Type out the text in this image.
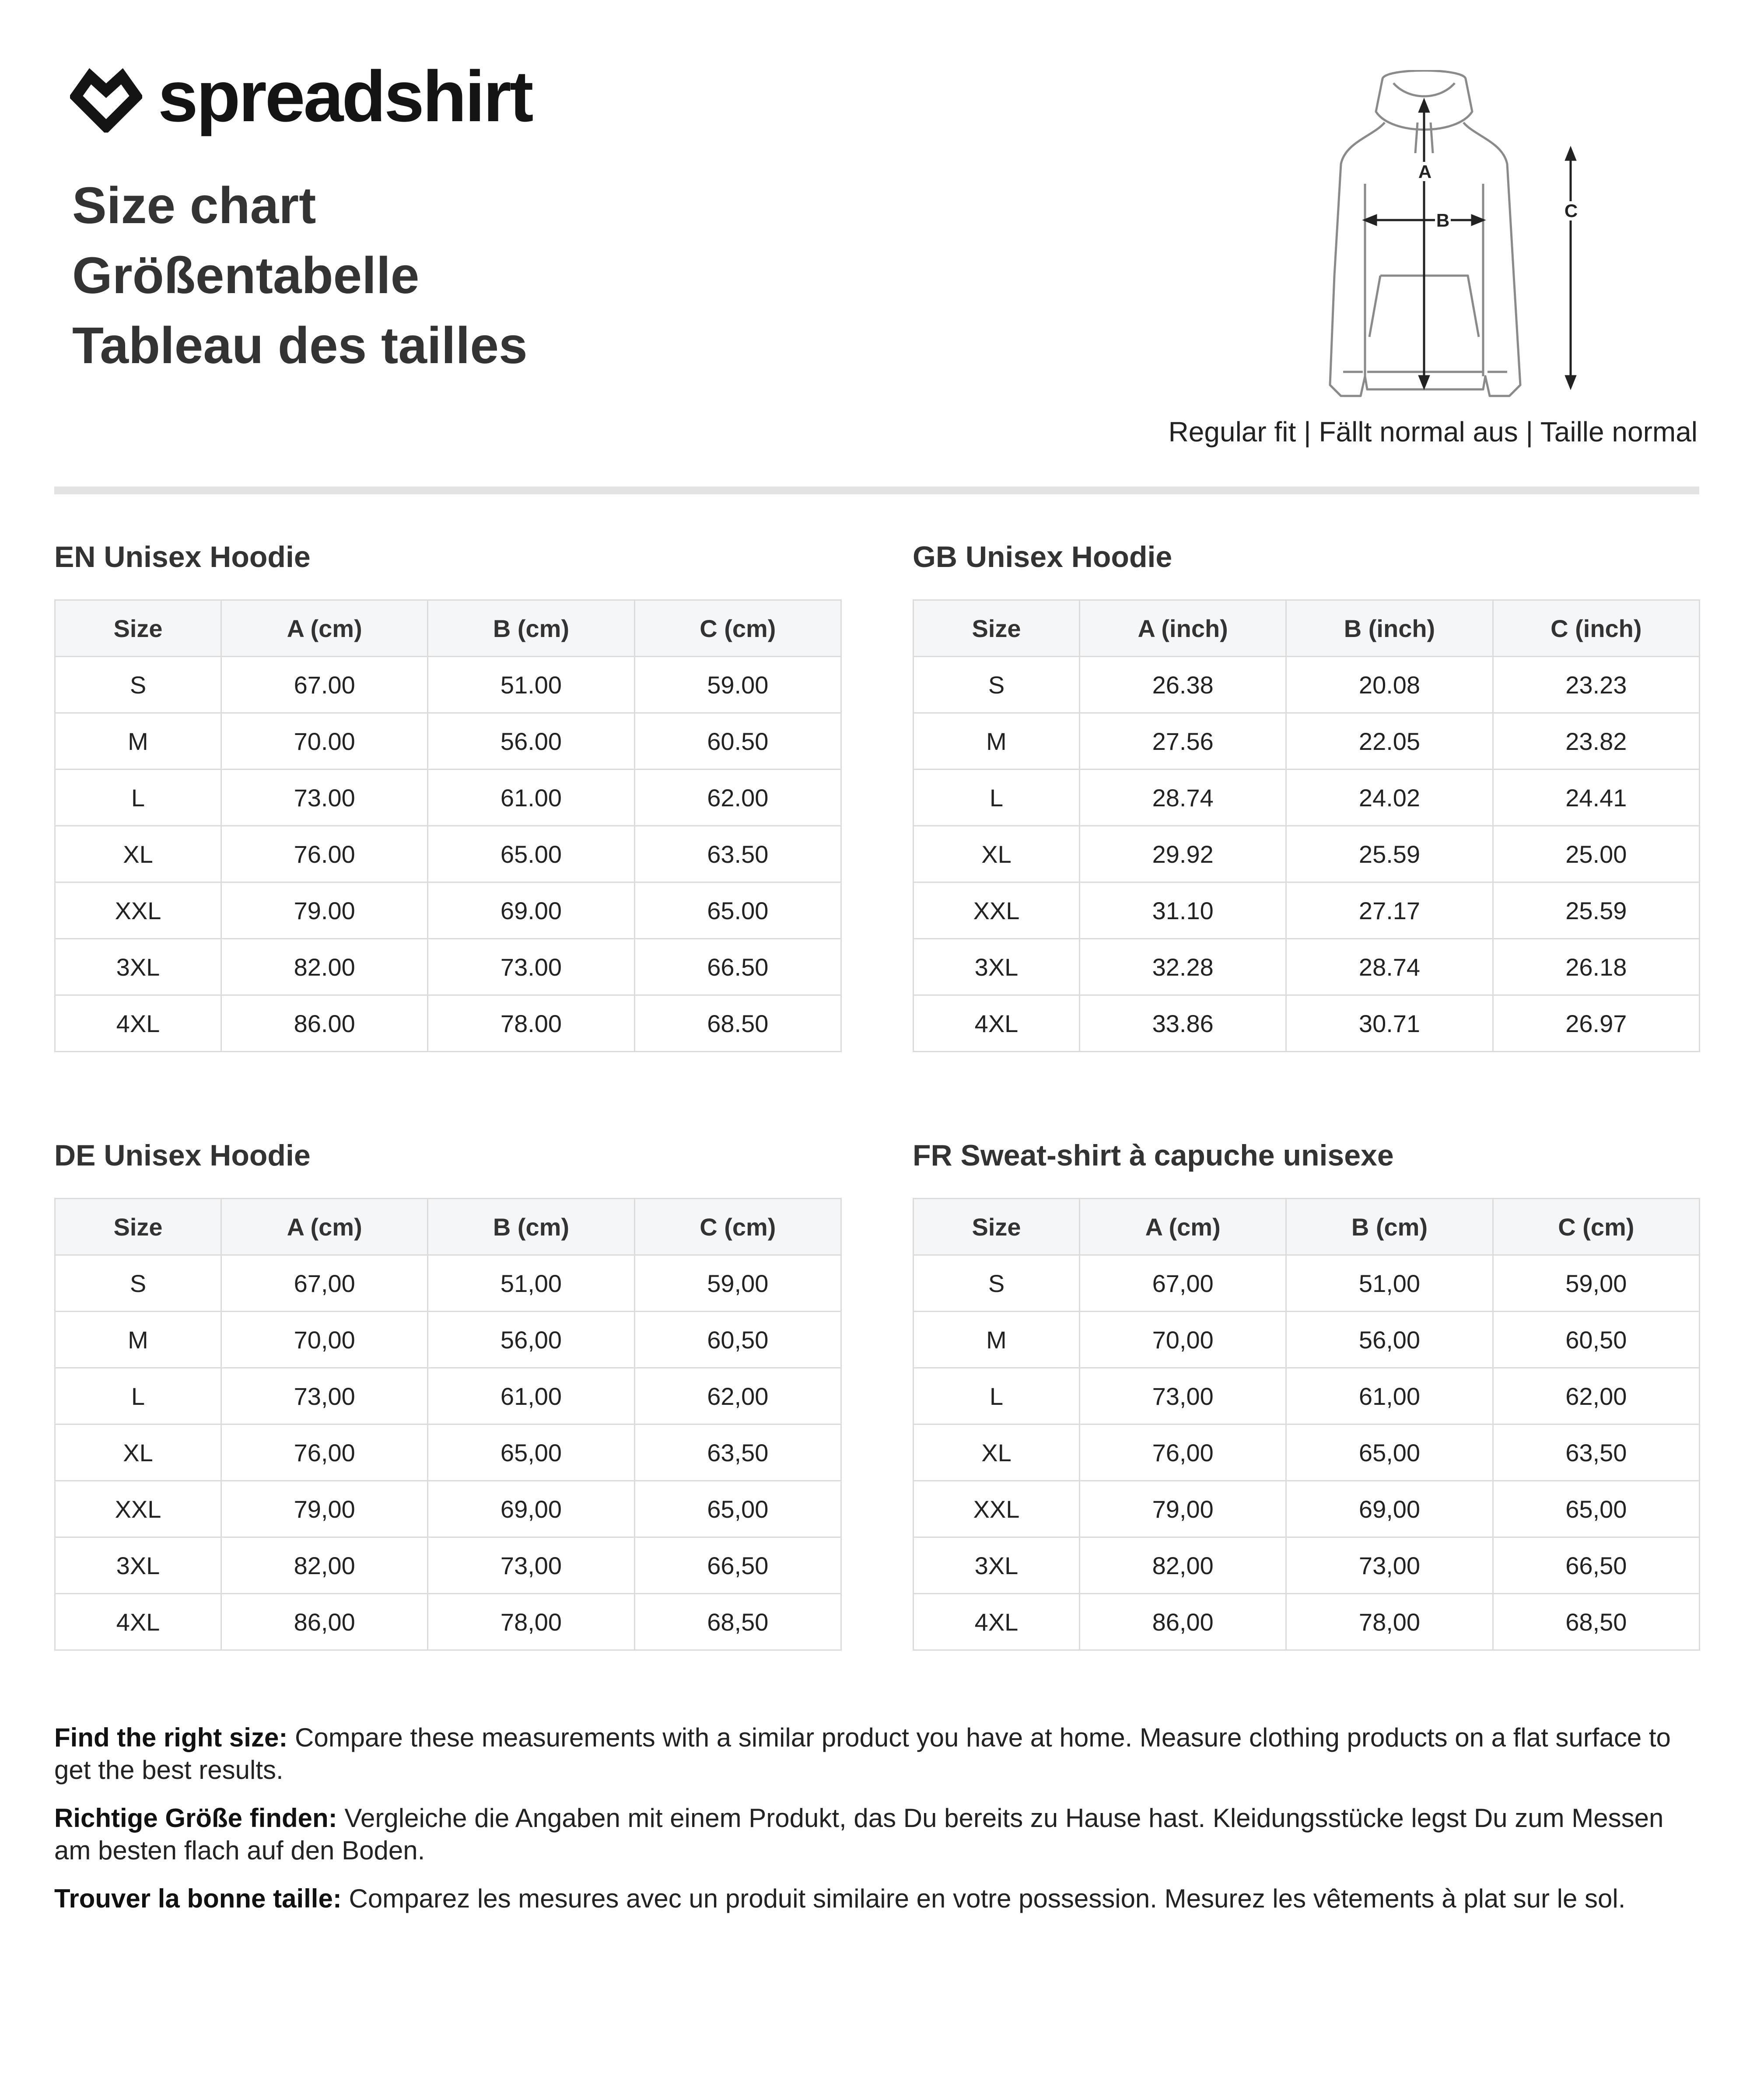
spreadshirt
Size chart
Größentabelle
Tableau des tailles
A
B	C
Regular fit | Fällt normal aus | Taille normal
EN Unisex Hoodie
Size	A (cm)	B (cm)	C (cm)
S	67.00	51.00	59.00
M	70.00	56.00	60.50
L	73.00	61.00	62.00
XL	76.00	65.00	63.50
XXL	79.00	69.00	65.00
3XL	82.00	73.00	66.50
4XL	86.00	78.00	68.50
GB Unisex Hoodie
Size	A (inch)	B (inch)	C (inch)
S	26.38	20.08	23.23
M	27.56	22.05	23.82
L	28.74	24.02	24.41
XL	29.92	25.59	25.00
XXL	31.10	27.17	25.59
3XL	32.28	28.74	26.18
4XL	33.86	30.71	26.97
DE Unisex Hoodie
Size	A (cm)	B (cm)	C (cm)
S	67,00	51,00	59,00
M	70,00	56,00	60,50
L	73,00	61,00	62,00
XL	76,00	65,00	63,50
XXL	79,00	69,00	65,00
3XL	82,00	73,00	66,50
4XL	86,00	78,00	68,50
FR Sweat-shirt à capuche unisexe
Size	A (cm)	B (cm)	C (cm)
S	67,00	51,00	59,00
M	70,00	56,00	60,50
L	73,00	61,00	62,00
XL	76,00	65,00	63,50
XXL	79,00	69,00	65,00
3XL	82,00	73,00	66,50
4XL	86,00	78,00	68,50

Find the right size: Compare these measurements with a similar product you have at home. Measure clothing products on a flat surface to get the best results.

Richtige Größe finden: Vergleiche die Angaben mit einem Produkt, das Du bereits zu Hause hast. Kleidungsstücke legst Du zum Messen am besten flach auf den Boden.

Trouver la bonne taille: Comparez les mesures avec un produit similaire en votre possession. Mesurez les vêtements à plat sur le sol.
